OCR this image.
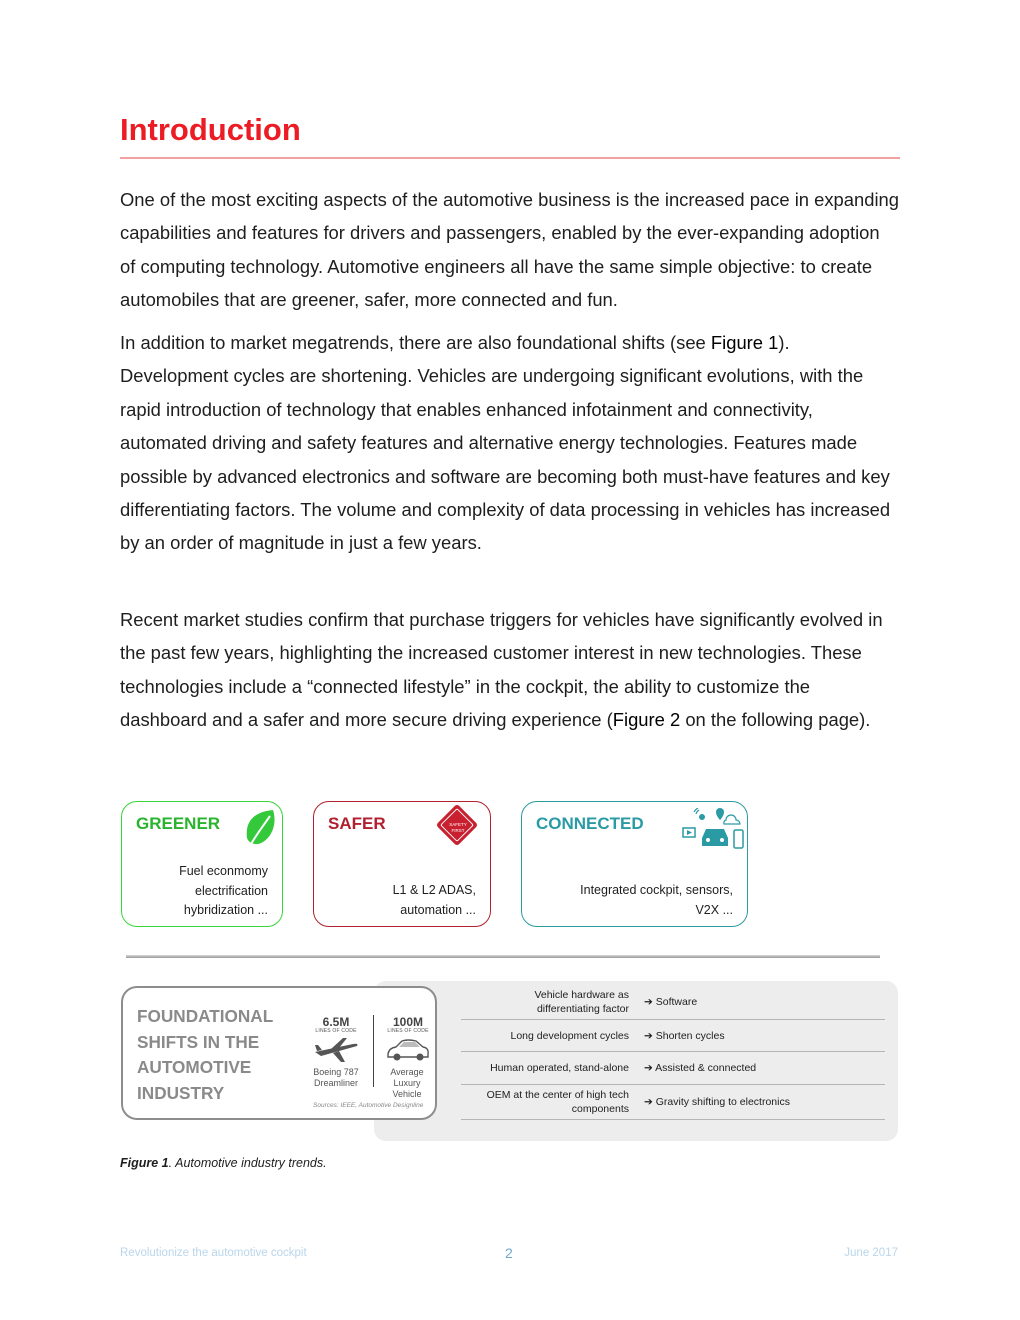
Introduction
One of the most exciting aspects of the automotive business is the increased pace in expanding capabilities and features for drivers and passengers, enabled by the ever-expanding adoption of computing technology. Automotive engineers all have the same simple objective: to create automobiles that are greener, safer, more connected and fun.
In addition to market megatrends, there are also foundational shifts (see Figure 1). Development cycles are shortening. Vehicles are undergoing significant evolutions, with the rapid introduction of technology that enables enhanced infotainment and connectivity, automated driving and safety features and alternative energy technologies. Features made possible by advanced electronics and software are becoming both must-have features and key differentiating factors. The volume and complexity of data processing in vehicles has increased by an order of magnitude in just a few years.
Recent market studies confirm that purchase triggers for vehicles have significantly evolved in the past few years, highlighting the increased customer interest in new technologies. These technologies include a “connected lifestyle” in the cockpit, the ability to customize the dashboard and a safer and more secure driving experience (Figure 2 on the following page).
GREENER
Fuel econmomy
electrification
hybridization ...
SAFER	SAFETY
FIRST
L1 & L2 ADAS,
automation ...
CONNECTED
Integrated cockpit, sensors,
V2X ...
FOUNDATIONAL
SHIFTS IN THE
AUTOMOTIVE
INDUSTRY
6.5M
LINES OF CODE
Boeing 787
Dreamliner
100M
LINES OF CODE
Average
Luxury
Vehicle
Sources: IEEE, Automotive Designline
Vehicle hardware as
differentiating factor
➔ Software
Long development cycles ➔ Shorten cycles
Human operated, stand-alone ➔ Assisted & connected
OEM at the center of high tech
components
➔ Gravity shifting to electronics
Figure 1. Automotive industry trends.
Revolutionize the automotive cockpit	2	June 2017
